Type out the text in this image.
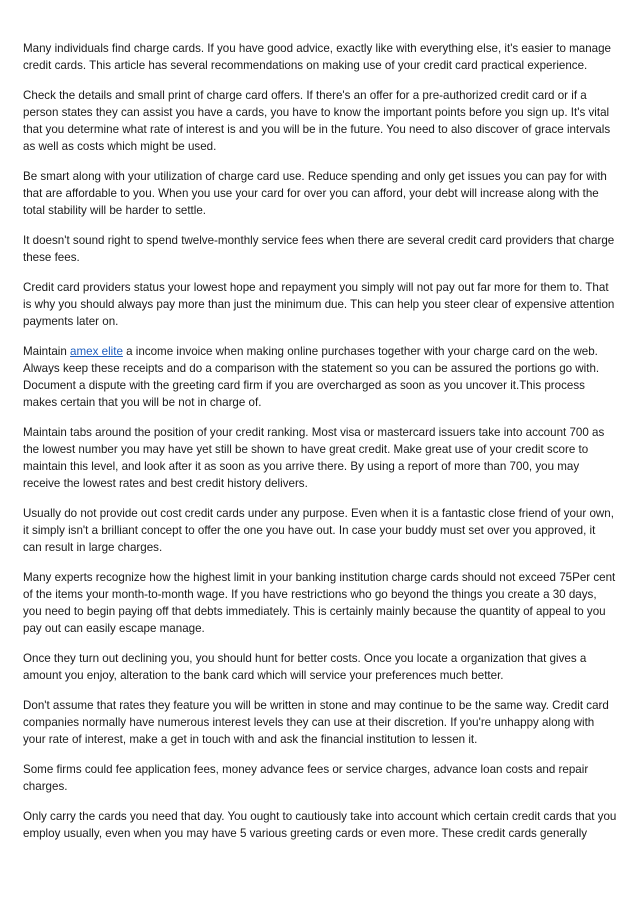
Many individuals find charge cards. If you have good advice, exactly like with everything else, it's easier to manage credit cards. This article has several recommendations on making use of your credit card practical experience.

Check the details and small print of charge card offers. If there's an offer for a pre-authorized credit card or if a person states they can assist you have a cards, you have to know the important points before you sign up. It's vital that you determine what rate of interest is and you will be in the future. You need to also discover of grace intervals as well as costs which might be used.

Be smart along with your utilization of charge card use. Reduce spending and only get issues you can pay for with that are affordable to you. When you use your card for over you can afford, your debt will increase along with the total stability will be harder to settle.

It doesn't sound right to spend twelve-monthly service fees when there are several credit card providers that charge these fees.

Credit card providers status your lowest hope and repayment you simply will not pay out far more for them to. That is why you should always pay more than just the minimum due. This can help you steer clear of expensive attention payments later on.

Maintain amex elite a income invoice when making online purchases together with your charge card on the web. Always keep these receipts and do a comparison with the statement so you can be assured the portions go with. Document a dispute with the greeting card firm if you are overcharged as soon as you uncover it.This process makes certain that you will be not in charge of.

Maintain tabs around the position of your credit ranking. Most visa or mastercard issuers take into account 700 as the lowest number you may have yet still be shown to have great credit. Make great use of your credit score to maintain this level, and look after it as soon as you arrive there. By using a report of more than 700, you may receive the lowest rates and best credit history delivers.

Usually do not provide out cost credit cards under any purpose. Even when it is a fantastic close friend of your own, it simply isn't a brilliant concept to offer the one you have out. In case your buddy must set over you approved, it can result in large charges.

Many experts recognize how the highest limit in your banking institution charge cards should not exceed 75Per cent of the items your month-to-month wage. If you have restrictions who go beyond the things you create a 30 days, you need to begin paying off that debts immediately. This is certainly mainly because the quantity of appeal to you pay out can easily escape manage.

Once they turn out declining you, you should hunt for better costs. Once you locate a organization that gives a amount you enjoy, alteration to the bank card which will service your preferences much better.

Don't assume that rates they feature you will be written in stone and may continue to be the same way. Credit card companies normally have numerous interest levels they can use at their discretion. If you're unhappy along with your rate of interest, make a get in touch with and ask the financial institution to lessen it.

Some firms could fee application fees, money advance fees or service charges, advance loan costs and repair charges.

Only carry the cards you need that day. You ought to cautiously take into account which certain credit cards that you employ usually, even when you may have 5 various greeting cards or even more. These credit cards generally
